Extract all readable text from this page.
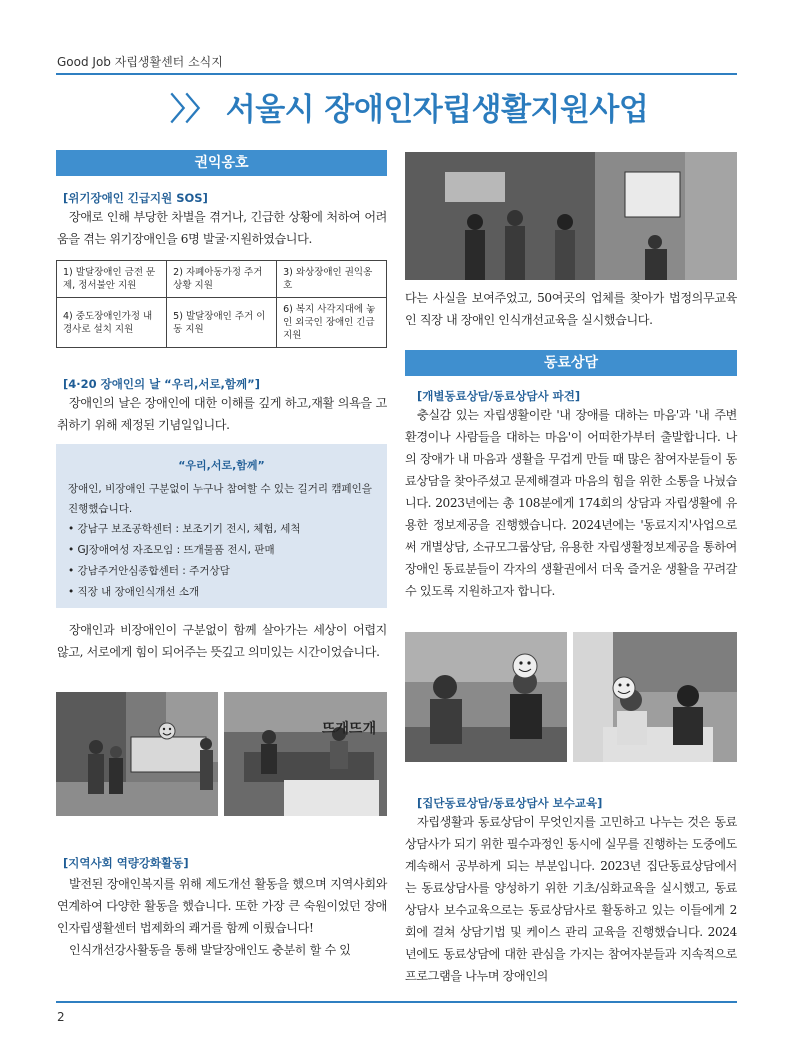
Good Job 자립생활센터 소식지
〉〉 서울시 장애인자립생활지원사업
권익옹호
[위기장애인 긴급지원 SOS]

장애로 인해 부당한 차별을 겪거나, 긴급한 상황에 처하여 어려움을 겪는 위기장애인을 6명 발굴·지원하였습니다.

1) 발달장애인 금전 문제, 정서불안 지원	2) 자폐아동가정 주거 상황 지원	3) 와상장애인 권익옹호
4) 중도장애인가정 내 경사로 설치 지원	5) 발달장애인 주거 이동 지원	6) 복지 사각지대에 놓인 외국인 장애인 긴급지원
[4·20 장애인의 날 “우리,서로,함께”]

장애인의 날은 장애인에 대한 이해를 깊게 하고,재활 의욕을 고취하기 위해 제정된 기념일입니다.

“우리,서로,함께”
장애인, 비장애인 구분없이 누구나 참여할 수 있는 길거리 캠페인을 진행했습니다.
• 강남구 보조공학센터 : 보조기기 전시, 체험, 세척
• GJ장애여성 자조모임 : 뜨개물품 전시, 판매
• 강남주거안심종합센터 : 주거상담
• 직장 내 장애인식개선 소개

장애인과 비장애인이 구분없이 함께 살아가는 세상이 어렵지 않고, 서로에게 힘이 되어주는 뜻깊고 의미있는 시간이었습니다.

뜨개뜨개
[지역사회 역량강화활동]

발전된 장애인복지를 위해 제도개선 활동을 했으며 지역사회와 연계하여 다양한 활동을 했습니다. 또한 가장 큰 숙원이었던 장애인자립생활센터 법제화의 쾌거를 함께 이뤘습니다!

인식개선강사활동을 통해 발달장애인도 충분히 할 수 있

다는 사실을 보여주었고, 50여곳의 업체를 찾아가 법정의무교육인 직장 내 장애인 인식개선교육을 실시했습니다.

동료상담
[개별동료상담/동료상담사 파견]

충실감 있는 자립생활이란 '내 장애를 대하는 마음'과 '내 주변 환경이나 사람들을 대하는 마음'이 어떠한가부터 출발합니다. 나의 장애가 내 마음과 생활을 무겁게 만들 때 많은 참여자분들이 동료상담을 찾아주셨고 문제해결과 마음의 힘을 위한 소통을 나눴습니다. 2023년에는 총 108분에게 174회의 상담과 자립생활에 유용한 정보제공을 진행했습니다. 2024년에는 '동료지지'사업으로써 개별상담, 소규모그룹상담, 유용한 자립생활정보제공을 통하여 장애인 동료분들이 각자의 생활권에서 더욱 즐거운 생활을 꾸려갈 수 있도록 지원하고자 합니다.

[집단동료상담/동료상담사 보수교육]

자립생활과 동료상담이 무엇인지를 고민하고 나누는 것은 동료상담사가 되기 위한 필수과정인 동시에 실무를 진행하는 도중에도 계속해서 공부하게 되는 부분입니다. 2023년 집단동료상담에서는 동료상담사를 양성하기 위한 기초/심화교육을 실시했고, 동료상담사 보수교육으로는 동료상담사로 활동하고 있는 이들에게 2회에 걸쳐 상담기법 및 케이스 관리 교육을 진행했습니다. 2024년에도 동료상담에 대한 관심을 가지는 참여자분들과 지속적으로 프로그램을 나누며 장애인의

2
